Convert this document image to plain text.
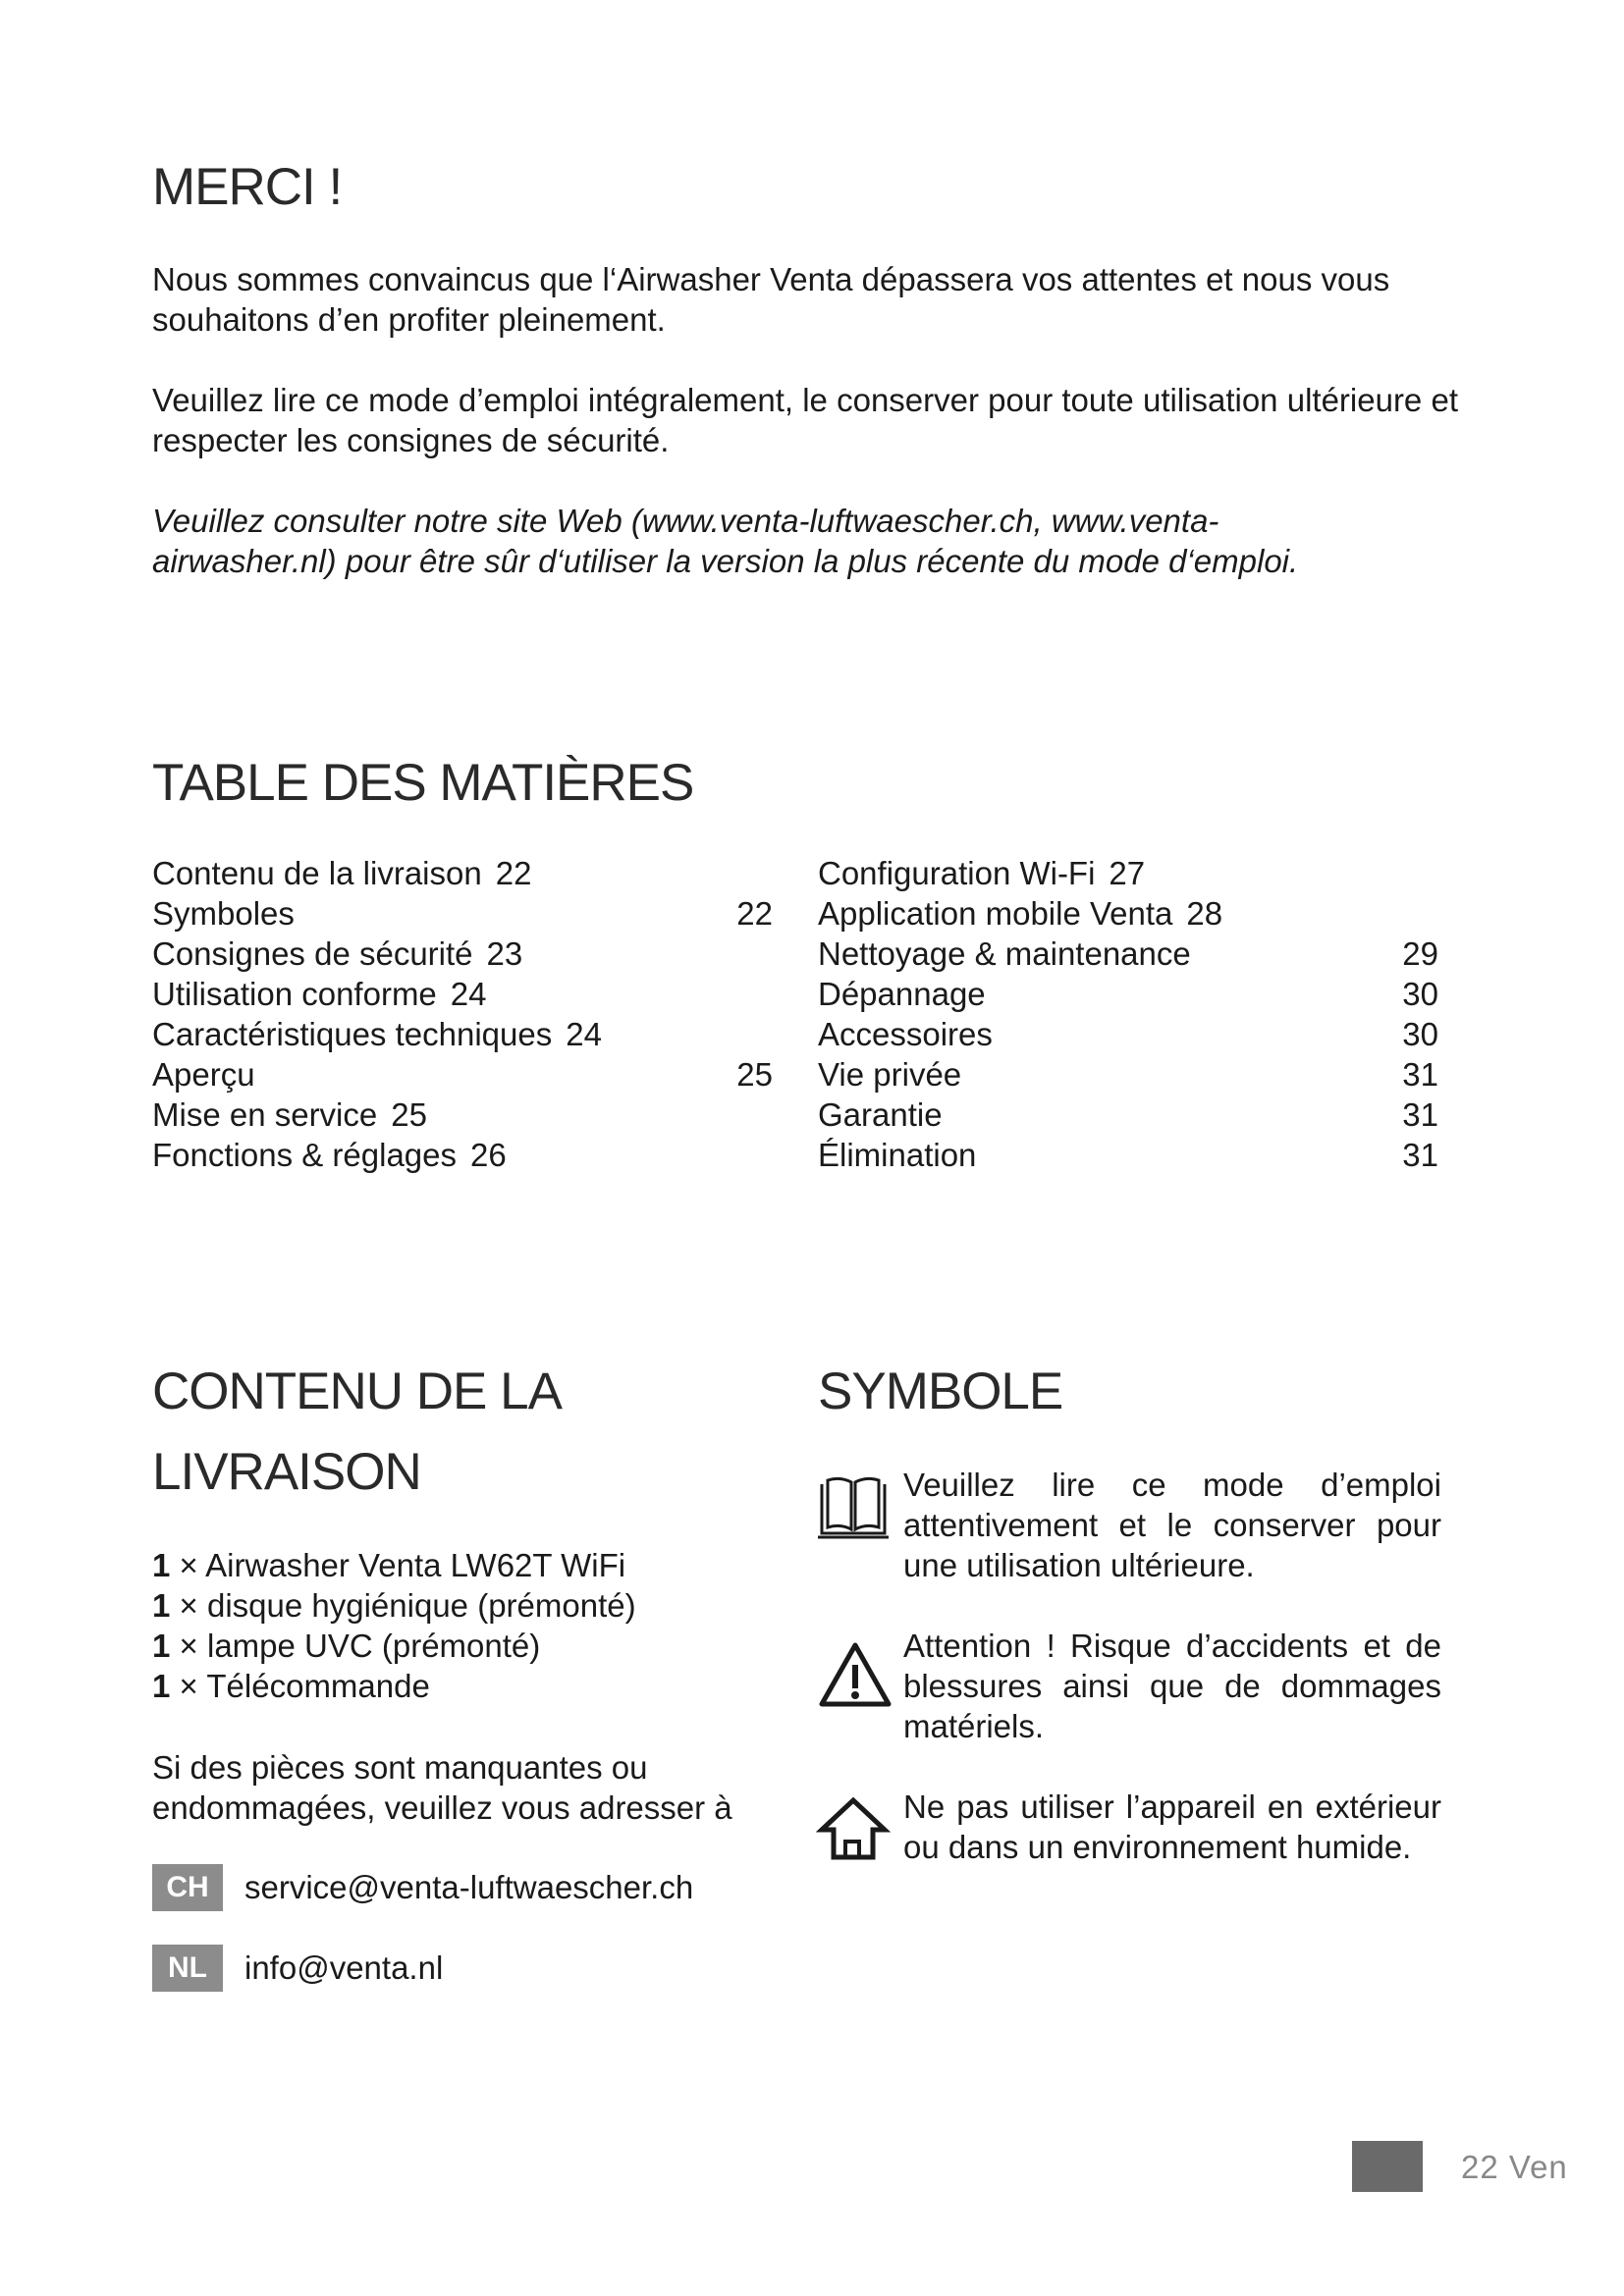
MERCI !

Nous sommes convaincus que l‘Airwasher Venta dépassera vos attentes et nous vous souhaitons d’en profiter pleinement.

Veuillez lire ce mode d’emploi intégralement, le conserver pour toute utilisation ultérieure et respecter les consignes de sécurité.

Veuillez consulter notre site Web (www.venta-luftwaescher.ch, www.venta-airwasher.nl) pour être sûr d‘utiliser la version la plus récente du mode d‘emploi.

TABLE DES MATIÈRES
Contenu de la livraison 22
Symboles	22
Consignes de sécurité 23
Utilisation conforme 24
Caractéristiques techniques 24
Aperçu	25
Mise en service 25
Fonctions & réglages 26
Configuration Wi-Fi 27
Application mobile Venta 28
Nettoyage & maintenance	29
Dépannage	30
Accessoires	30
Vie privée	31
Garantie	31
Élimination	31
CONTENU DE LA
LIVRAISON
1 × Airwasher Venta LW62T WiFi
1 × disque hygiénique (prémonté)
1 × lampe UVC (prémonté)
1 × Télécommande

Si des pièces sont manquantes ou endommagées, veuillez vous adresser à

CH	service@venta-luftwaescher.ch
NL	info@venta.nl
SYMBOLE

Veuillez lire ce mode d’emploi attentivement et le conserver pour une utilisation ultérieure.

Attention ! Risque d’accidents et de blessures ainsi que de dommages matériels.

Ne pas utiliser l’appareil en extérieur ou dans un environnement humide.

22 Ven
